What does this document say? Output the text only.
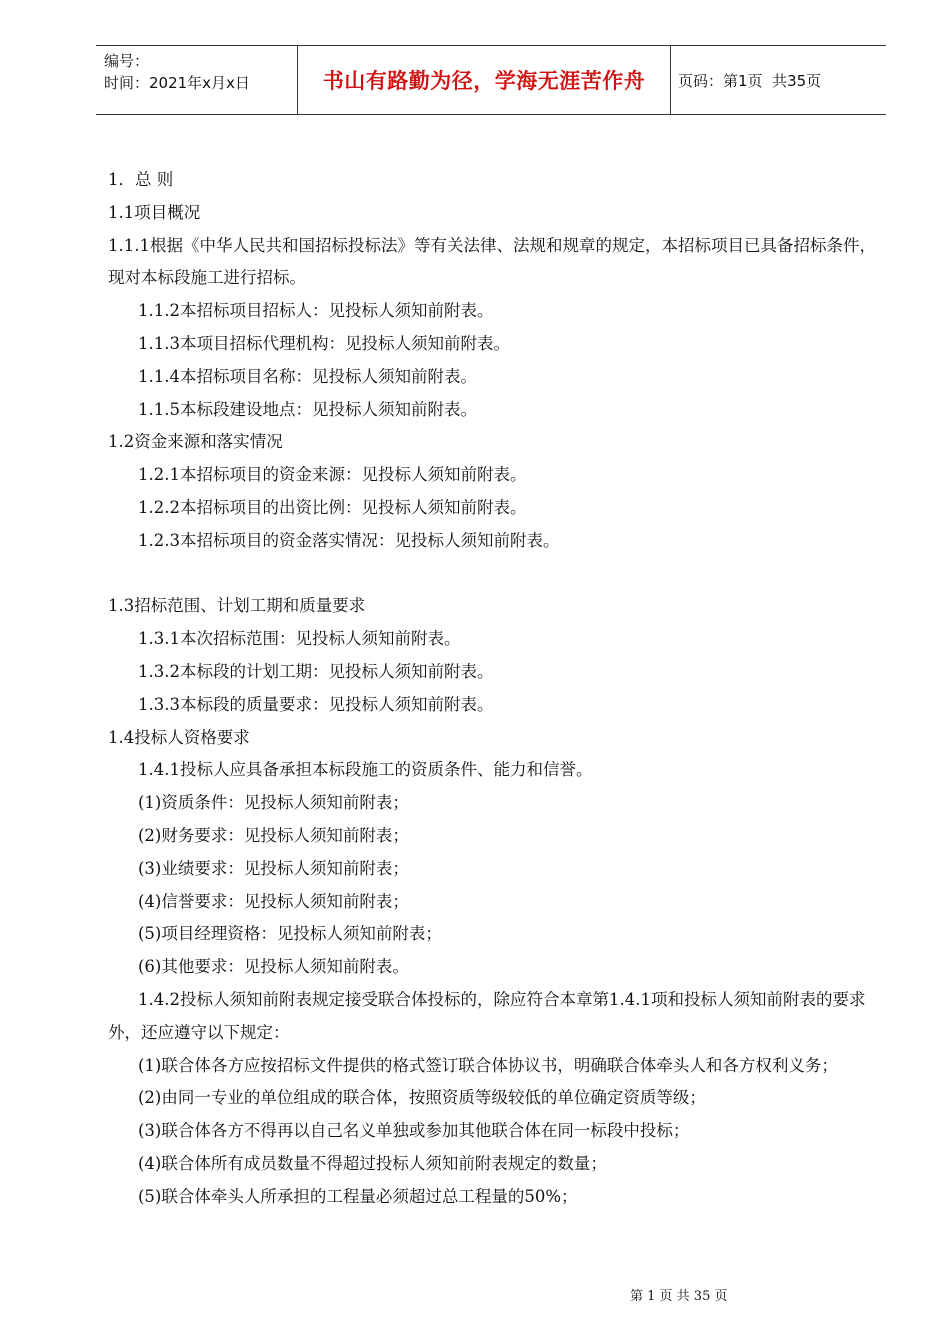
编号：
时间：2021年x月x日	书山有路勤为径，学海无涯苦作舟	页码：第1页  共35页
1．总 则
1.1项目概况
1.1.1根据《中华人民共和国招标投标法》等有关法律、法规和规章的规定，本招标项目已具备招标条件，现对本标段施工进行招标。
1.1.2本招标项目招标人：见投标人须知前附表。
1.1.3本项目招标代理机构：见投标人须知前附表。
1.1.4本招标项目名称：见投标人须知前附表。
1.1.5本标段建设地点：见投标人须知前附表。
1.2资金来源和落实情况
1.2.1本招标项目的资金来源：见投标人须知前附表。
1.2.2本招标项目的出资比例：见投标人须知前附表。
1.2.3本招标项目的资金落实情况：见投标人须知前附表。
1.3招标范围、计划工期和质量要求
1.3.1本次招标范围：见投标人须知前附表。
1.3.2本标段的计划工期：见投标人须知前附表。
1.3.3本标段的质量要求：见投标人须知前附表。
1.4投标人资格要求
1.4.1投标人应具备承担本标段施工的资质条件、能力和信誉。
(1)资质条件：见投标人须知前附表；
(2)财务要求：见投标人须知前附表；
(3)业绩要求：见投标人须知前附表；
(4)信誉要求：见投标人须知前附表；
(5)项目经理资格：见投标人须知前附表；
(6)其他要求：见投标人须知前附表。
1.4.2投标人须知前附表规定接受联合体投标的，除应符合本章第1.4.1项和投标人须知前附表的要求外，还应遵守以下规定：
(1)联合体各方应按招标文件提供的格式签订联合体协议书，明确联合体牵头人和各方权利义务；
(2)由同一专业的单位组成的联合体，按照资质等级较低的单位确定资质等级；
(3)联合体各方不得再以自己名义单独或参加其他联合体在同一标段中投标；
(4)联合体所有成员数量不得超过投标人须知前附表规定的数量；
(5)联合体牵头人所承担的工程量必须超过总工程量的50%；
第 1 页 共 35 页
